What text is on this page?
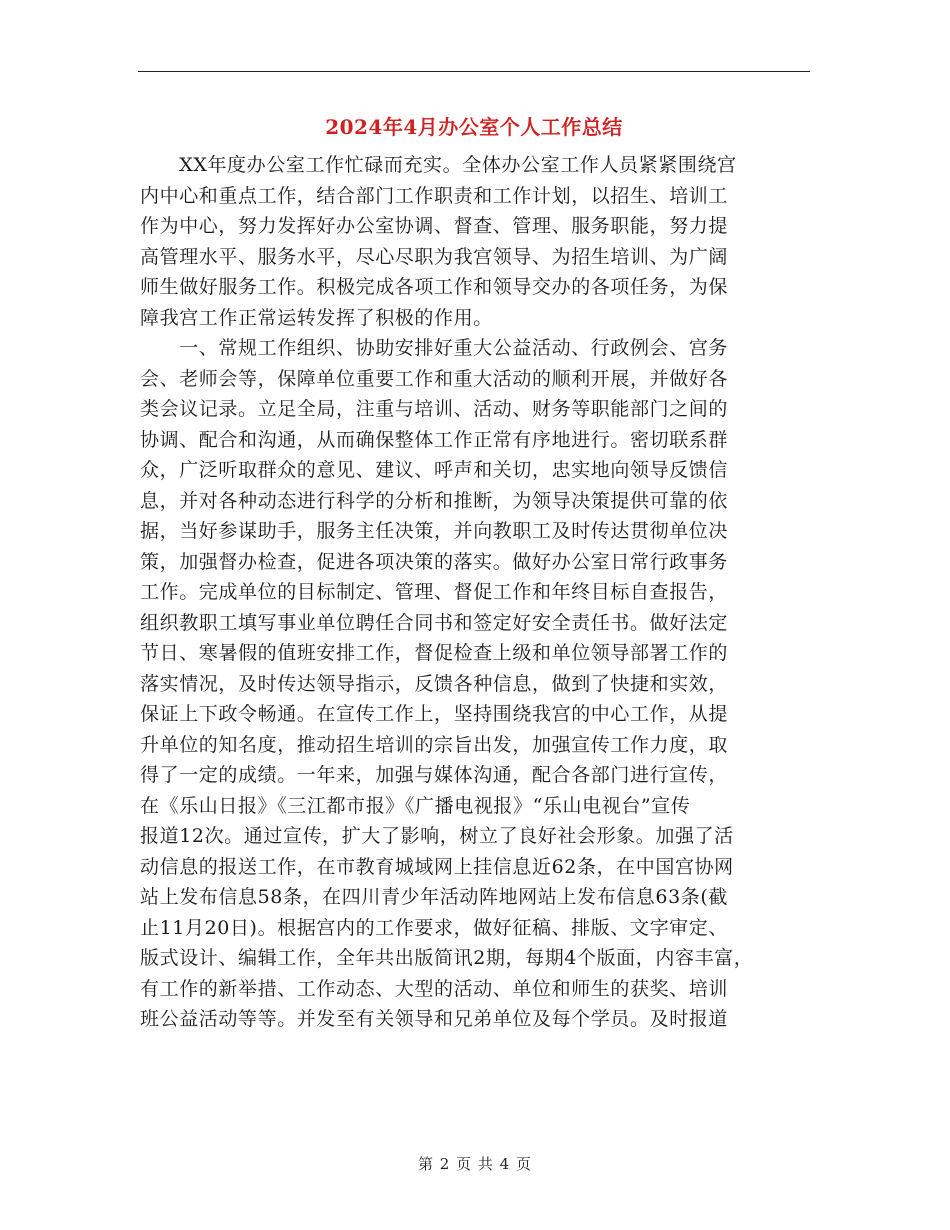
2024年4月办公室个人工作总结
　　XX年度办公室工作忙碌而充实。全体办公室工作人员紧紧围绕宫
内中心和重点工作，结合部门工作职责和工作计划，以招生、培训工
作为中心，努力发挥好办公室协调、督查、管理、服务职能，努力提
高管理水平、服务水平，尽心尽职为我宫领导、为招生培训、为广阔
师生做好服务工作。积极完成各项工作和领导交办的各项任务，为保
障我宫工作正常运转发挥了积极的作用。
　　一、常规工作组织、协助安排好重大公益活动、行政例会、宫务
会、老师会等，保障单位重要工作和重大活动的顺利开展，并做好各
类会议记录。立足全局，注重与培训、活动、财务等职能部门之间的
协调、配合和沟通，从而确保整体工作正常有序地进行。密切联系群
众，广泛听取群众的意见、建议、呼声和关切，忠实地向领导反馈信
息，并对各种动态进行科学的分析和推断，为领导决策提供可靠的依
据，当好参谋助手，服务主任决策，并向教职工及时传达贯彻单位决
策，加强督办检查，促进各项决策的落实。做好办公室日常行政事务
工作。完成单位的目标制定、管理、督促工作和年终目标自查报告，
组织教职工填写事业单位聘任合同书和签定好安全责任书。做好法定
节日、寒暑假的值班安排工作，督促检查上级和单位领导部署工作的
落实情况，及时传达领导指示，反馈各种信息，做到了快捷和实效，
保证上下政令畅通。在宣传工作上，坚持围绕我宫的中心工作，从提
升单位的知名度，推动招生培训的宗旨出发，加强宣传工作力度，取
得了一定的成绩。一年来，加强与媒体沟通，配合各部门进行宣传，
在《乐山日报》《三江都市报》《广播电视报》“乐山电视台”宣传
报道12次。通过宣传，扩大了影响，树立了良好社会形象。加强了活
动信息的报送工作，在市教育城域网上挂信息近62条，在中国宫协网
站上发布信息58条，在四川青少年活动阵地网站上发布信息63条(截
止11月20日)。根据宫内的工作要求，做好征稿、排版、文字审定、
版式设计、编辑工作，全年共出版简讯2期，每期4个版面，内容丰富，
有工作的新举措、工作动态、大型的活动、单位和师生的获奖、培训
班公益活动等等。并发至有关领导和兄弟单位及每个学员。及时报道
第 2 页 共 4 页
